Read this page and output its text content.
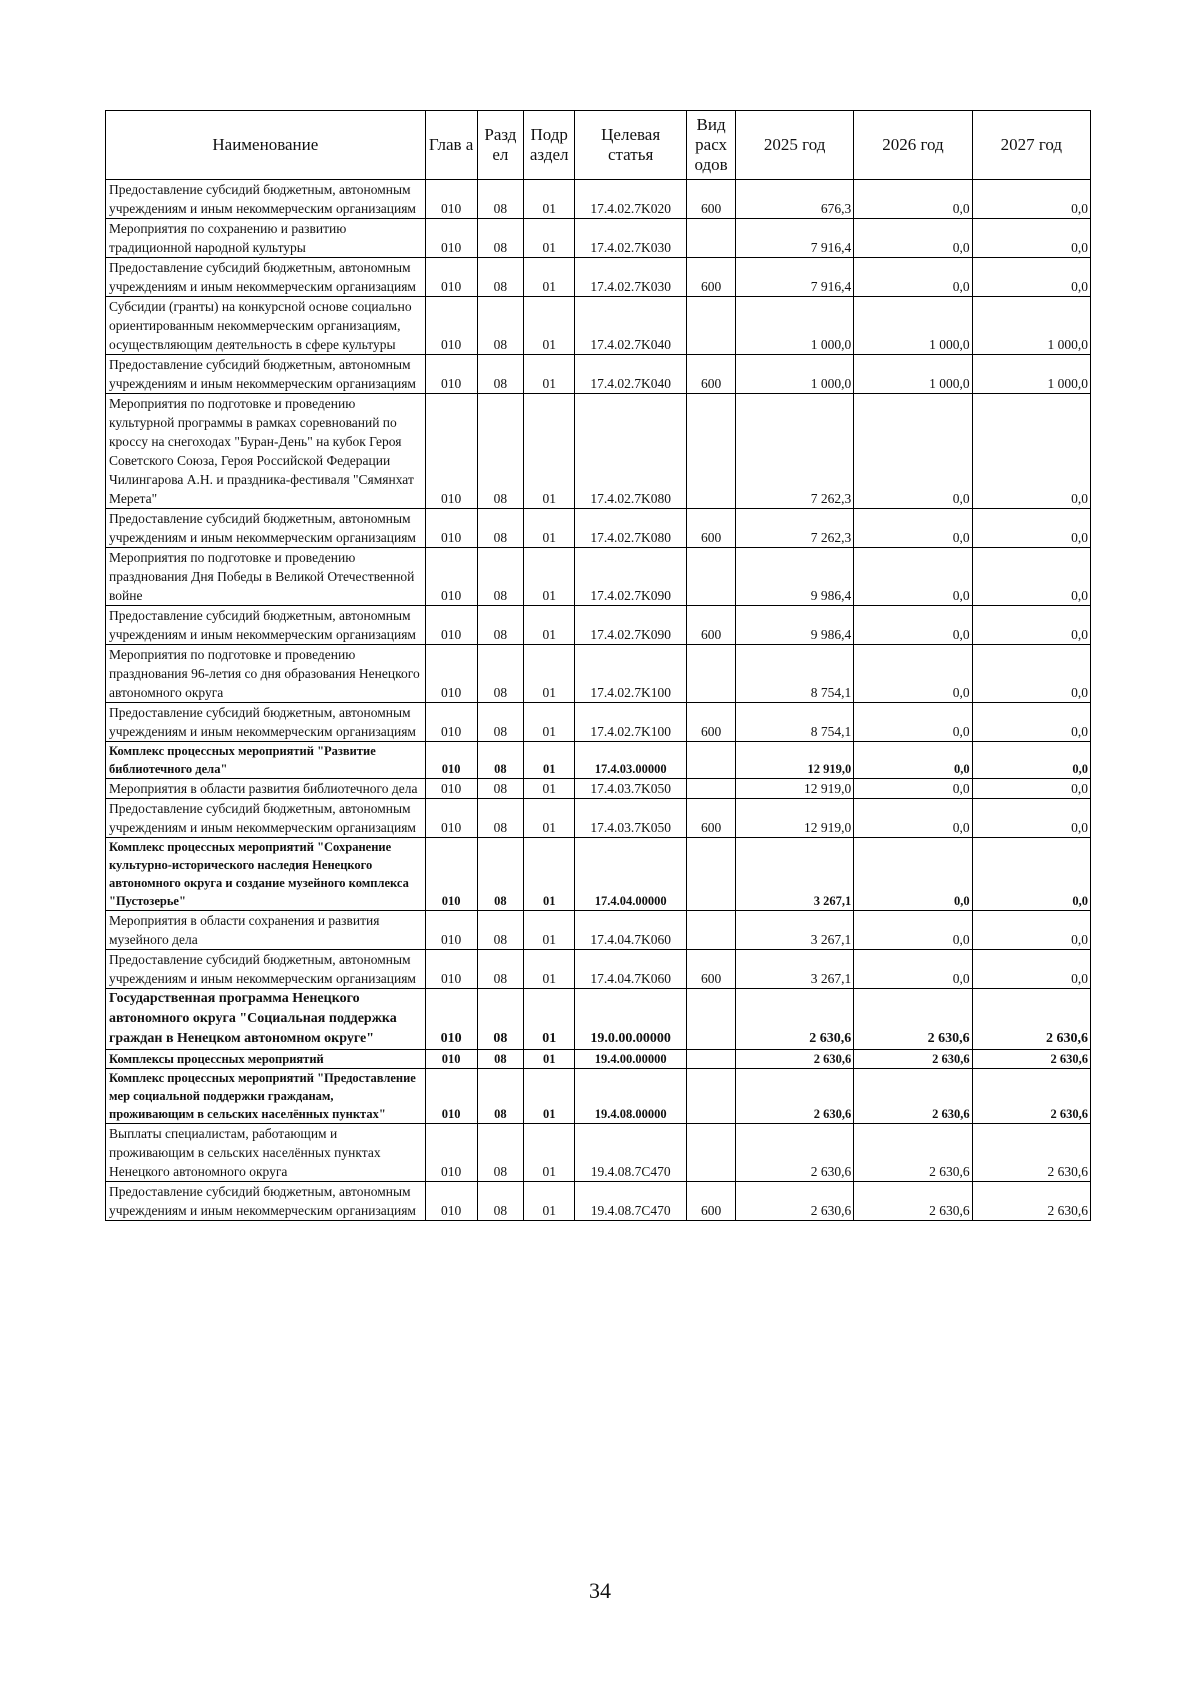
Наименование	Глав а	Разд ел	Подр аздел	Целевая статья	Вид расх одов	2025 год	2026 год	2027 год
Предоставление субсидий бюджетным, автономным учреждениям и иным некоммерческим организациям	010	08	01	17.4.02.7K020	600	676,3	0,0	0,0
Мероприятия по сохранению и развитию традиционной народной культуры	010	08	01	17.4.02.7K030		7 916,4	0,0	0,0
Предоставление субсидий бюджетным, автономным учреждениям и иным некоммерческим организациям	010	08	01	17.4.02.7K030	600	7 916,4	0,0	0,0
Субсидии (гранты) на конкурсной основе социально ориентированным некоммерческим организациям, осуществляющим деятельность в сфере культуры	010	08	01	17.4.02.7K040		1 000,0	1 000,0	1 000,0
Предоставление субсидий бюджетным, автономным учреждениям и иным некоммерческим организациям	010	08	01	17.4.02.7K040	600	1 000,0	1 000,0	1 000,0
Мероприятия по подготовке и проведению культурной программы в рамках соревнований по кроссу на снегоходах "Буран-День" на кубок Героя Советского Союза, Героя Российской Федерации Чилингарова А.Н. и праздника-фестиваля "Сямянхат Мерета"	010	08	01	17.4.02.7K080		7 262,3	0,0	0,0
Предоставление субсидий бюджетным, автономным учреждениям и иным некоммерческим организациям	010	08	01	17.4.02.7K080	600	7 262,3	0,0	0,0
Мероприятия по подготовке и проведению празднования Дня Победы в Великой Отечественной войне	010	08	01	17.4.02.7K090		9 986,4	0,0	0,0
Предоставление субсидий бюджетным, автономным учреждениям и иным некоммерческим организациям	010	08	01	17.4.02.7K090	600	9 986,4	0,0	0,0
Мероприятия по подготовке и проведению празднования 96-летия со дня образования Ненецкого автономного округа	010	08	01	17.4.02.7K100		8 754,1	0,0	0,0
Предоставление субсидий бюджетным, автономным учреждениям и иным некоммерческим организациям	010	08	01	17.4.02.7K100	600	8 754,1	0,0	0,0
Комплекс процессных мероприятий "Развитие библиотечного дела"	010	08	01	17.4.03.00000		12 919,0	0,0	0,0
Мероприятия в области развития библиотечного дела	010	08	01	17.4.03.7K050		12 919,0	0,0	0,0
Предоставление субсидий бюджетным, автономным учреждениям и иным некоммерческим организациям	010	08	01	17.4.03.7K050	600	12 919,0	0,0	0,0
Комплекс процессных мероприятий "Сохранение культурно-исторического наследия Ненецкого автономного округа и создание музейного комплекса "Пустозерье"	010	08	01	17.4.04.00000		3 267,1	0,0	0,0
Мероприятия в области сохранения и развития музейного дела	010	08	01	17.4.04.7K060		3 267,1	0,0	0,0
Предоставление субсидий бюджетным, автономным учреждениям и иным некоммерческим организациям	010	08	01	17.4.04.7K060	600	3 267,1	0,0	0,0
Государственная программа Ненецкого автономного округа "Социальная поддержка граждан в Ненецком автономном округе"	010	08	01	19.0.00.00000		2 630,6	2 630,6	2 630,6
Комплексы процессных мероприятий	010	08	01	19.4.00.00000		2 630,6	2 630,6	2 630,6
Комплекс процессных мероприятий "Предоставление мер социальной поддержки гражданам, проживающим в сельских населённых пунктах"	010	08	01	19.4.08.00000		2 630,6	2 630,6	2 630,6
Выплаты специалистам, работающим и проживающим в сельских населённых пунктах Ненецкого автономного округа	010	08	01	19.4.08.7C470		2 630,6	2 630,6	2 630,6
Предоставление субсидий бюджетным, автономным учреждениям и иным некоммерческим организациям	010	08	01	19.4.08.7C470	600	2 630,6	2 630,6	2 630,6
34
